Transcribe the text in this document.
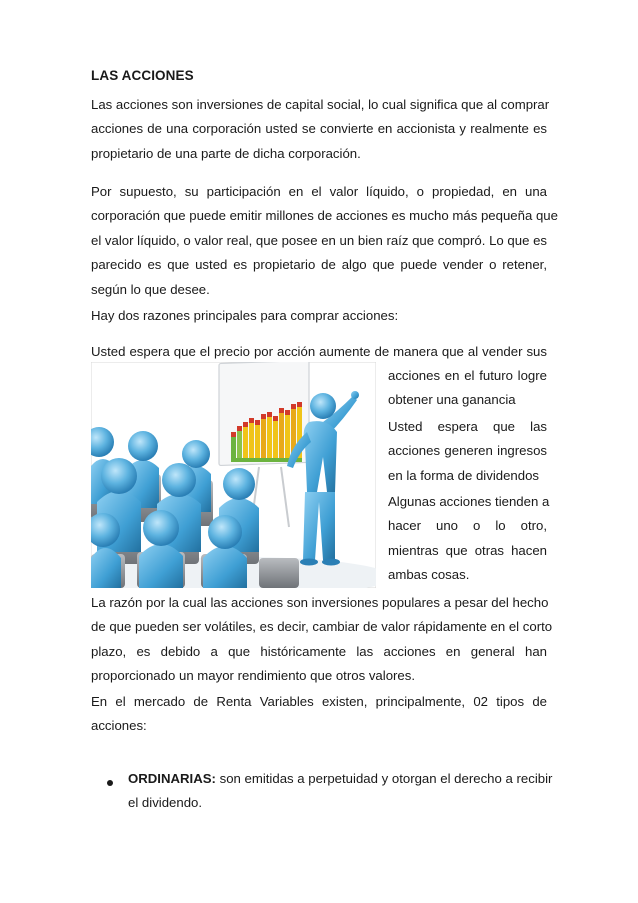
LAS ACCIONES
Las acciones son inversiones de capital social, lo cual significa que al comprar
acciones de una corporación usted se convierte en accionista y realmente es
propietario de una parte de dicha corporación.
Por supuesto, su participación en el valor líquido, o propiedad, en una
corporación que puede emitir millones de acciones es mucho más pequeña que
el valor líquido, o valor real, que posee en un bien raíz que compró. Lo que es
parecido es que usted es propietario de algo que puede vender o retener,
según lo que desee.
Hay dos razones principales para comprar acciones:
Usted espera que el precio por acción aumente de manera que al vender sus
acciones en el futuro logre
obtener una ganancia
Usted espera que las
acciones generen ingresos
en la forma de dividendos
Algunas acciones tienden a
hacer uno o lo otro,
mientras que otras hacen
ambas cosas.
La razón por la cual las acciones son inversiones populares a pesar del hecho
de que pueden ser volátiles, es decir, cambiar de valor rápidamente en el corto
plazo, es debido a que históricamente las acciones en general han
proporcionado un mayor rendimiento que otros valores.
En el mercado de Renta Variables existen, principalmente, 02 tipos de
acciones:
ORDINARIAS: son emitidas a perpetuidad y otorgan el derecho a recibir
el dividendo.
